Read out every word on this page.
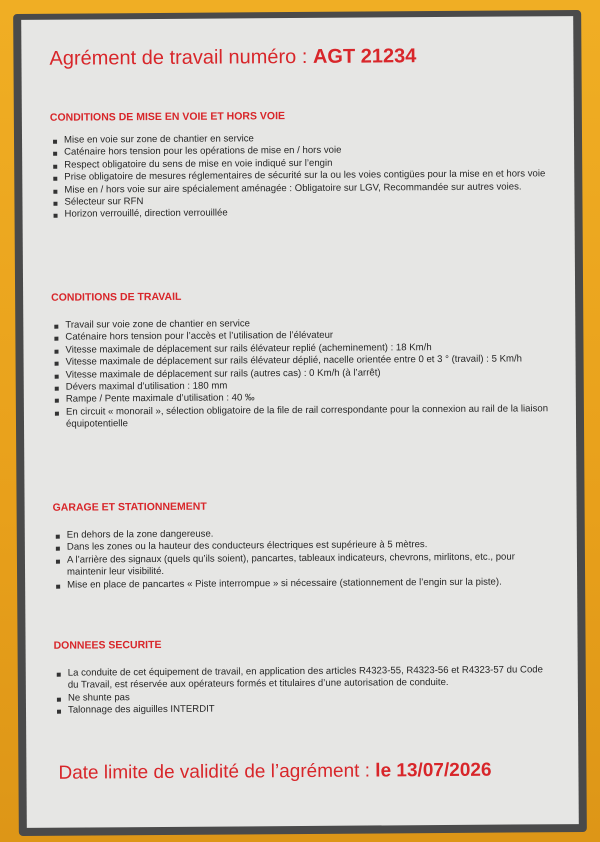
Agrément de travail numéro : AGT 21234
CONDITIONS DE MISE EN VOIE ET HORS VOIE
Mise en voie sur zone de chantier en service
Caténaire hors tension pour les opérations de mise en / hors voie
Respect obligatoire du sens de mise en voie indiqué sur l’engin
Prise obligatoire de mesures réglementaires de sécurité sur la ou les voies contigües pour la mise en et hors voie
Mise en / hors voie sur aire spécialement aménagée : Obligatoire sur LGV, Recommandée sur autres voies.
Sélecteur sur RFN
Horizon verrouillé, direction verrouillée
CONDITIONS DE TRAVAIL
Travail sur voie zone de chantier en service
Caténaire hors tension pour l’accès et l’utilisation de l’élévateur
Vitesse maximale de déplacement sur rails élévateur replié (acheminement) : 18 Km/h
Vitesse maximale de déplacement sur rails élévateur déplié, nacelle orientée entre 0 et 3 ° (travail) : 5 Km/h
Vitesse maximale de déplacement sur rails (autres cas) : 0 Km/h (à l’arrêt)
Dévers maximal d’utilisation : 180 mm
Rampe / Pente maximale d’utilisation : 40 ‰
En circuit « monorail », sélection obligatoire de la file de rail correspondante pour la connexion au rail de la liaison équipotentielle
GARAGE ET STATIONNEMENT
En dehors de la zone dangereuse.
Dans les zones ou la hauteur des conducteurs électriques est supérieure à 5 mètres.
A l’arrière des signaux (quels qu’ils soient), pancartes, tableaux indicateurs, chevrons, mirlitons, etc., pour maintenir leur visibilité.
Mise en place de pancartes « Piste interrompue » si nécessaire (stationnement de l’engin sur la piste).
DONNEES SECURITE
La conduite de cet équipement de travail, en application des articles R4323-55, R4323-56 et R4323-57 du Code du Travail, est réservée aux opérateurs formés et titulaires d’une autorisation de conduite.
Ne shunte pas
Talonnage des aiguilles INTERDIT
Date limite de validité de l’agrément : le 13/07/2026
